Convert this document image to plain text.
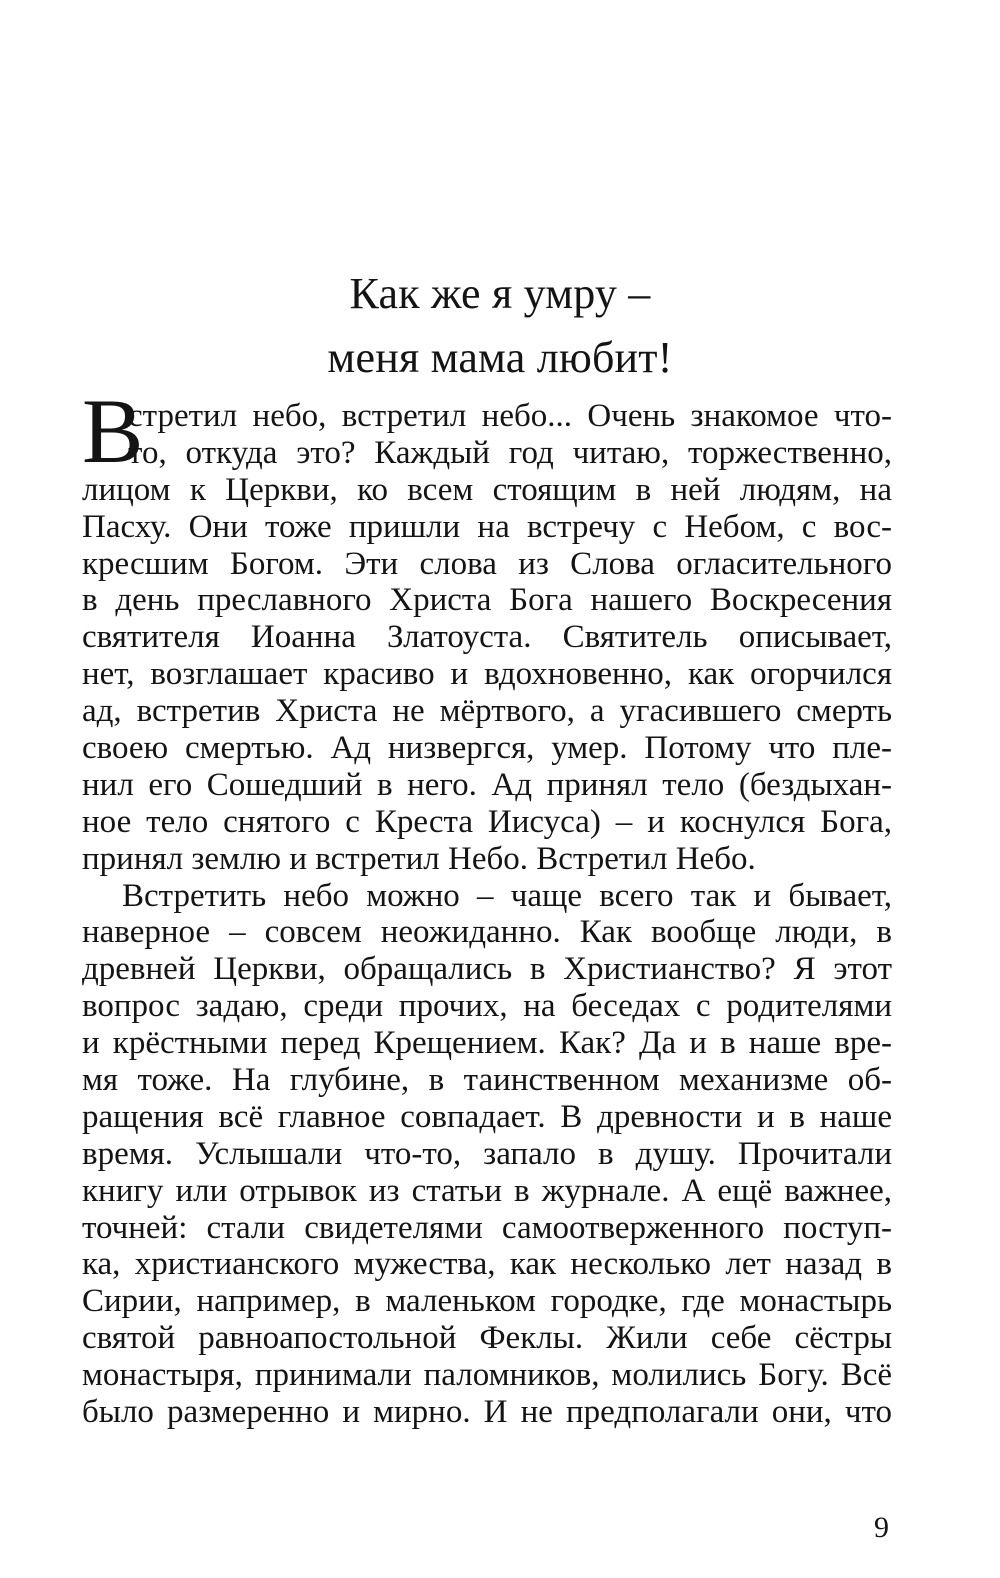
Как же я умру –
меня мама любит!
В
стретил небо, встретил небо... Очень знакомое что-
то, откуда это? Каждый год читаю, торжественно,
лицом к Церкви, ко всем стоящим в ней людям, на
Пасху. Они тоже пришли на встречу с Небом, с вос-
кресшим Богом. Эти слова из Слова огласительного
в день преславного Христа Бога нашего Воскресения
святителя Иоанна Златоуста. Святитель описывает,
нет, возглашает красиво и вдохновенно, как огорчился
ад, встретив Христа не мёртвого, а угасившего смерть
своею смертью. Ад низвергся, умер. Потому что пле-
нил его Сошедший в него. Ад принял тело (бездыхан-
ное тело снятого с Креста Иисуса) – и коснулся Бога,
принял землю и встретил Небо. Встретил Небо.
Встретить небо можно – чаще всего так и бывает,
наверное – совсем неожиданно. Как вообще люди, в
древней Церкви, обращались в Христианство? Я этот
вопрос задаю, среди прочих, на беседах с родителями
и крёстными перед Крещением. Как? Да и в наше вре-
мя тоже. На глубине, в таинственном механизме об-
ращения всё главное совпадает. В древности и в наше
время. Услышали что-то, запало в душу. Прочитали
книгу или отрывок из статьи в журнале. А ещё важнее,
точней: стали свидетелями самоотверженного поступ-
ка, христианского мужества, как несколько лет назад в
Сирии, например, в маленьком городке, где монастырь
святой равноапостольной Феклы. Жили себе сёстры
монастыря, принимали паломников, молились Богу. Всё
было размеренно и мирно. И не предполагали они, что
9
